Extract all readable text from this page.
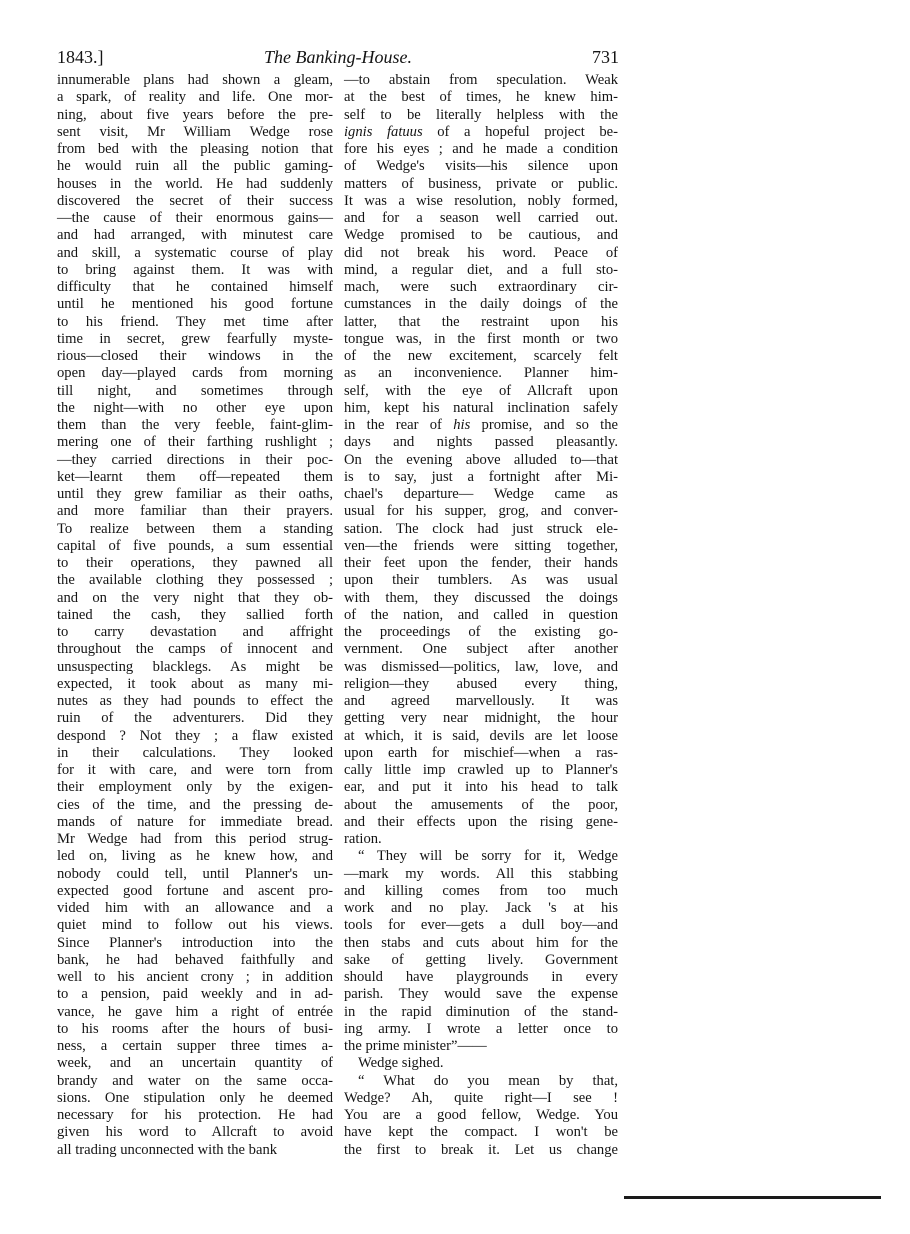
1843.]	The Banking-House.	731
innumerable plans had shown a gleam,
a spark, of reality and life. One mor-
ning, about five years before the pre-
sent visit, Mr William Wedge rose
from bed with the pleasing notion that
he would ruin all the public gaming-
houses in the world. He had suddenly
discovered the secret of their success
—the cause of their enormous gains—
and had arranged, with minutest care
and skill, a systematic course of play
to bring against them. It was with
difficulty that he contained himself
until he mentioned his good fortune
to his friend. They met time after
time in secret, grew fearfully myste-
rious—closed their windows in the
open day—played cards from morning
till night, and sometimes through
the night—with no other eye upon
them than the very feeble, faint-glim-
mering one of their farthing rushlight ;
—they carried directions in their poc-
ket—learnt them off—repeated them
until they grew familiar as their oaths,
and more familiar than their prayers.
To realize between them a standing
capital of five pounds, a sum essential
to their operations, they pawned all
the available clothing they possessed ;
and on the very night that they ob-
tained the cash, they sallied forth
to carry devastation and affright
throughout the camps of innocent and
unsuspecting blacklegs. As might be
expected, it took about as many mi-
nutes as they had pounds to effect the
ruin of the adventurers. Did they
despond ? Not they ; a flaw existed
in their calculations. They looked
for it with care, and were torn from
their employment only by the exigen-
cies of the time, and the pressing de-
mands of nature for immediate bread.
Mr Wedge had from this period strug-
led on, living as he knew how, and
nobody could tell, until Planner's un-
expected good fortune and ascent pro-
vided him with an allowance and a
quiet mind to follow out his views.
Since Planner's introduction into the
bank, he had behaved faithfully and
well to his ancient crony ; in addition
to a pension, paid weekly and in ad-
vance, he gave him a right of entrée
to his rooms after the hours of busi-
ness, a certain supper three times a-
week, and an uncertain quantity of
brandy and water on the same occa-
sions. One stipulation only he deemed
necessary for his protection. He had
given his word to Allcraft to avoid
all trading unconnected with the bank
—to abstain from speculation. Weak
at the best of times, he knew him-
self to be literally helpless with the
ignis fatuus of a hopeful project be-
fore his eyes ; and he made a condition
of Wedge's visits—his silence upon
matters of business, private or public.
It was a wise resolution, nobly formed,
and for a season well carried out.
Wedge promised to be cautious, and
did not break his word. Peace of
mind, a regular diet, and a full sto-
mach, were such extraordinary cir-
cumstances in the daily doings of the
latter, that the restraint upon his
tongue was, in the first month or two
of the new excitement, scarcely felt
as an inconvenience. Planner him-
self, with the eye of Allcraft upon
him, kept his natural inclination safely
in the rear of his promise, and so the
days and nights passed pleasantly.
On the evening above alluded to—that
is to say, just a fortnight after Mi-
chael's departure— Wedge came as
usual for his supper, grog, and conver-
sation. The clock had just struck ele-
ven—the friends were sitting together,
their feet upon the fender, their hands
upon their tumblers. As was usual
with them, they discussed the doings
of the nation, and called in question
the proceedings of the existing go-
vernment. One subject after another
was dismissed—politics, law, love, and
religion—they abused every thing,
and agreed marvellously. It was
getting very near midnight, the hour
at which, it is said, devils are let loose
upon earth for mischief—when a ras-
cally little imp crawled up to Planner's
ear, and put it into his head to talk
about the amusements of the poor,
and their effects upon the rising gene-
ration.
“ They will be sorry for it, Wedge
—mark my words. All this stabbing
and killing comes from too much
work and no play. Jack 's at his
tools for ever—gets a dull boy—and
then stabs and cuts about him for the
sake of getting lively. Government
should have playgrounds in every
parish. They would save the expense
in the rapid diminution of the stand-
ing army. I wrote a letter once to
the prime minister”——
Wedge sighed.
“ What do you mean by that,
Wedge? Ah, quite right—I see !
You are a good fellow, Wedge. You
have kept the compact. I won't be
the first to break it. Let us change
